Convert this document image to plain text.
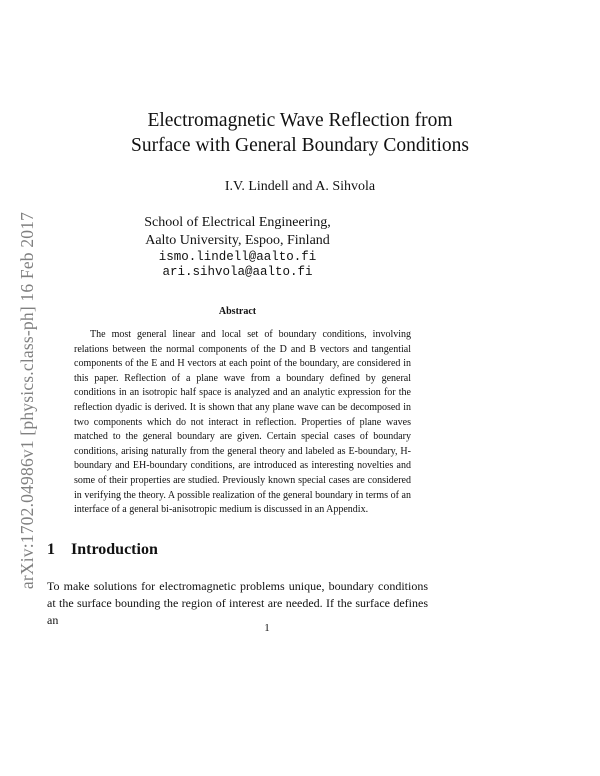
arXiv:1702.04986v1 [physics.class-ph] 16 Feb 2017
Electromagnetic Wave Reflection from
Surface with General Boundary Conditions
I.V. Lindell and A. Sihvola
School of Electrical Engineering,
Aalto University, Espoo, Finland
ismo.lindell@aalto.fi
ari.sihvola@aalto.fi
Abstract
The most general linear and local set of boundary conditions, involving relations between the normal components of the D and B vectors and tangential components of the E and H vectors at each point of the boundary, are considered in this paper. Reflection of a plane wave from a boundary defined by general conditions in an isotropic half space is analyzed and an analytic expression for the reflection dyadic is derived. It is shown that any plane wave can be decomposed in two components which do not interact in reflection. Properties of plane waves matched to the general boundary are given. Certain special cases of boundary conditions, arising naturally from the general theory and labeled as E-boundary, H-boundary and EH-boundary conditions, are introduced as interesting novelties and some of their properties are studied. Previously known special cases are considered in verifying the theory. A possible realization of the general boundary in terms of an interface of a general bi-anisotropic medium is discussed in an Appendix.
1 Introduction
To make solutions for electromagnetic problems unique, boundary conditions at the surface bounding the region of interest are needed. If the surface defines an
1
